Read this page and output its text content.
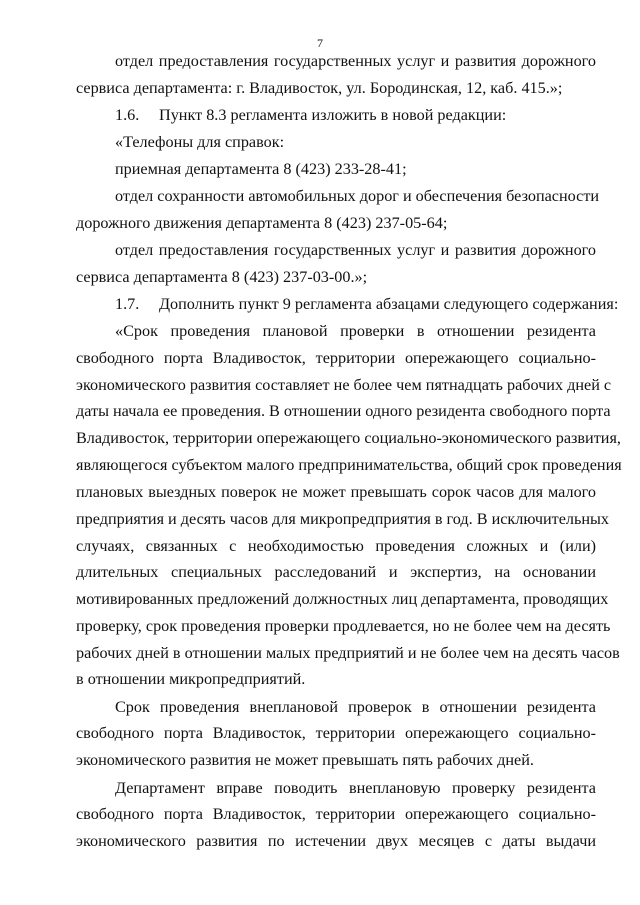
7
отдел предоставления государственных услуг и развития дорожного
сервиса департамента: г. Владивосток, ул. Бородинская, 12, каб. 415.»;
1.6. Пункт 8.3 регламента изложить в новой редакции:
«Телефоны для справок:
приемная департамента 8 (423) 233-28-41;
отдел сохранности автомобильных дорог и обеспечения безопасности
дорожного движения департамента 8 (423) 237-05-64;
отдел предоставления государственных услуг и развития дорожного
сервиса департамента 8 (423) 237-03-00.»;
1.7. Дополнить пункт 9 регламента абзацами следующего содержания:
«Срок проведения плановой проверки в отношении резидента
свободного порта Владивосток, территории опережающего социально-
экономического развития составляет не более чем пятнадцать рабочих дней с
даты начала ее проведения. В отношении одного резидента свободного порта
Владивосток, территории опережающего социально-экономического развития,
являющегося субъектом малого предпринимательства, общий срок проведения
плановых выездных поверок не может превышать сорок часов для малого
предприятия и десять часов для микропредприятия в год. В исключительных
случаях, связанных с необходимостью проведения сложных и (или)
длительных специальных расследований и экспертиз, на основании
мотивированных предложений должностных лиц департамента, проводящих
проверку, срок проведения проверки продлевается, но не более чем на десять
рабочих дней в отношении малых предприятий и не более чем на десять часов
в отношении микропредприятий.
Срок проведения внеплановой проверок в отношении резидента
свободного порта Владивосток, территории опережающего социально-
экономического развития не может превышать пять рабочих дней.
Департамент вправе поводить внеплановую проверку резидента
свободного порта Владивосток, территории опережающего социально-
экономического развития по истечении двух месяцев с даты выдачи
